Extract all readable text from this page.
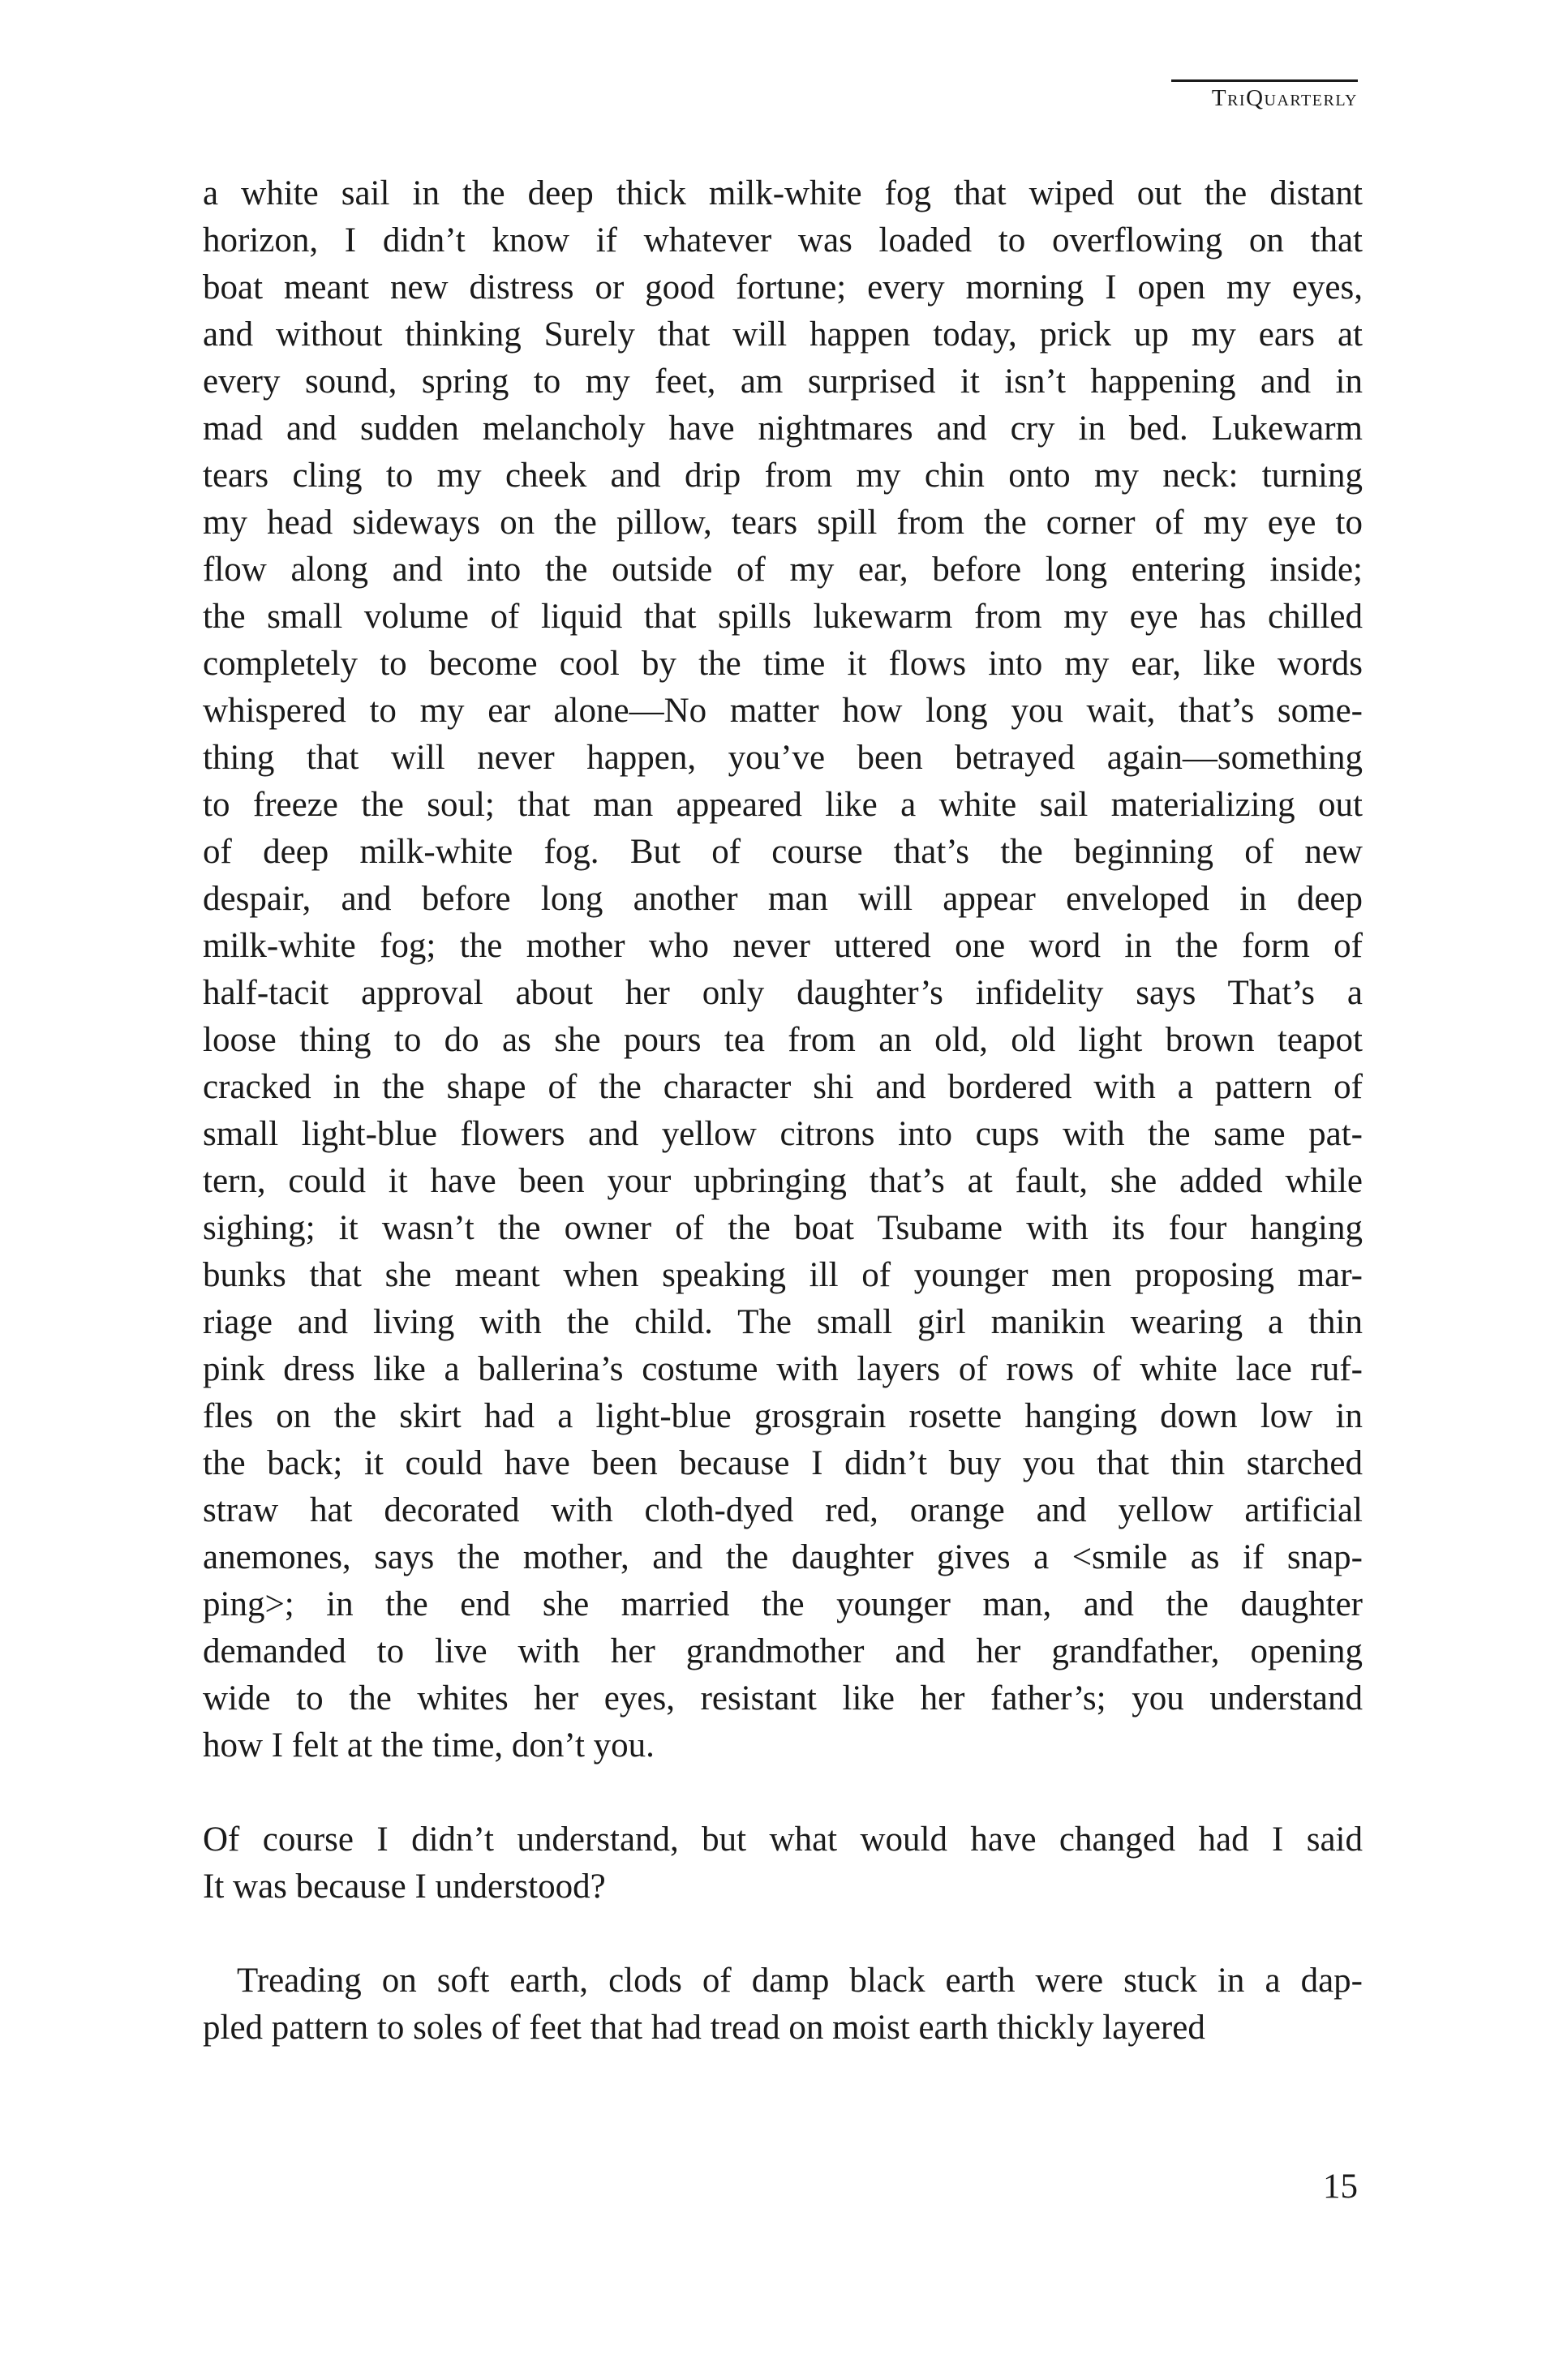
TriQuarterly

a white sail in the deep thick milk-white fog that wiped out the distant
horizon, I didn’t know if whatever was loaded to overflowing on that
boat meant new distress or good fortune; every morning I open my eyes,
and without thinking Surely that will happen today, prick up my ears at
every sound, spring to my feet, am surprised it isn’t happening and in
mad and sudden melancholy have nightmares and cry in bed. Lukewarm
tears cling to my cheek and drip from my chin onto my neck: turning
my head sideways on the pillow, tears spill from the corner of my eye to
flow along and into the outside of my ear, before long entering inside;
the small volume of liquid that spills lukewarm from my eye has chilled
completely to become cool by the time it flows into my ear, like words
whispered to my ear alone—No matter how long you wait, that’s some-
thing that will never happen, you’ve been betrayed again—something
to freeze the soul; that man appeared like a white sail materializing out
of deep milk-white fog. But of course that’s the beginning of new
despair, and before long another man will appear enveloped in deep
milk-white fog; the mother who never uttered one word in the form of
half-tacit approval about her only daughter’s infidelity says That’s a
loose thing to do as she pours tea from an old, old light brown teapot
cracked in the shape of the character shi and bordered with a pattern of
small light-blue flowers and yellow citrons into cups with the same pat-
tern, could it have been your upbringing that’s at fault, she added while
sighing; it wasn’t the owner of the boat Tsubame with its four hanging
bunks that she meant when speaking ill of younger men proposing mar-
riage and living with the child. The small girl manikin wearing a thin
pink dress like a ballerina’s costume with layers of rows of white lace ruf-
fles on the skirt had a light-blue grosgrain rosette hanging down low in
the back; it could have been because I didn’t buy you that thin starched
straw hat decorated with cloth-dyed red, orange and yellow artificial
anemones, says the mother, and the daughter gives a <smile as if snap-
ping>; in the end she married the younger man, and the daughter
demanded to live with her grandmother and her grandfather, opening
wide to the whites her eyes, resistant like her father’s; you understand
how I felt at the time, don’t you.

Of course I didn’t understand, but what would have changed had I said
It was because I understood?

Treading on soft earth, clods of damp black earth were stuck in a dap-
pled pattern to soles of feet that had tread on moist earth thickly layered

15
